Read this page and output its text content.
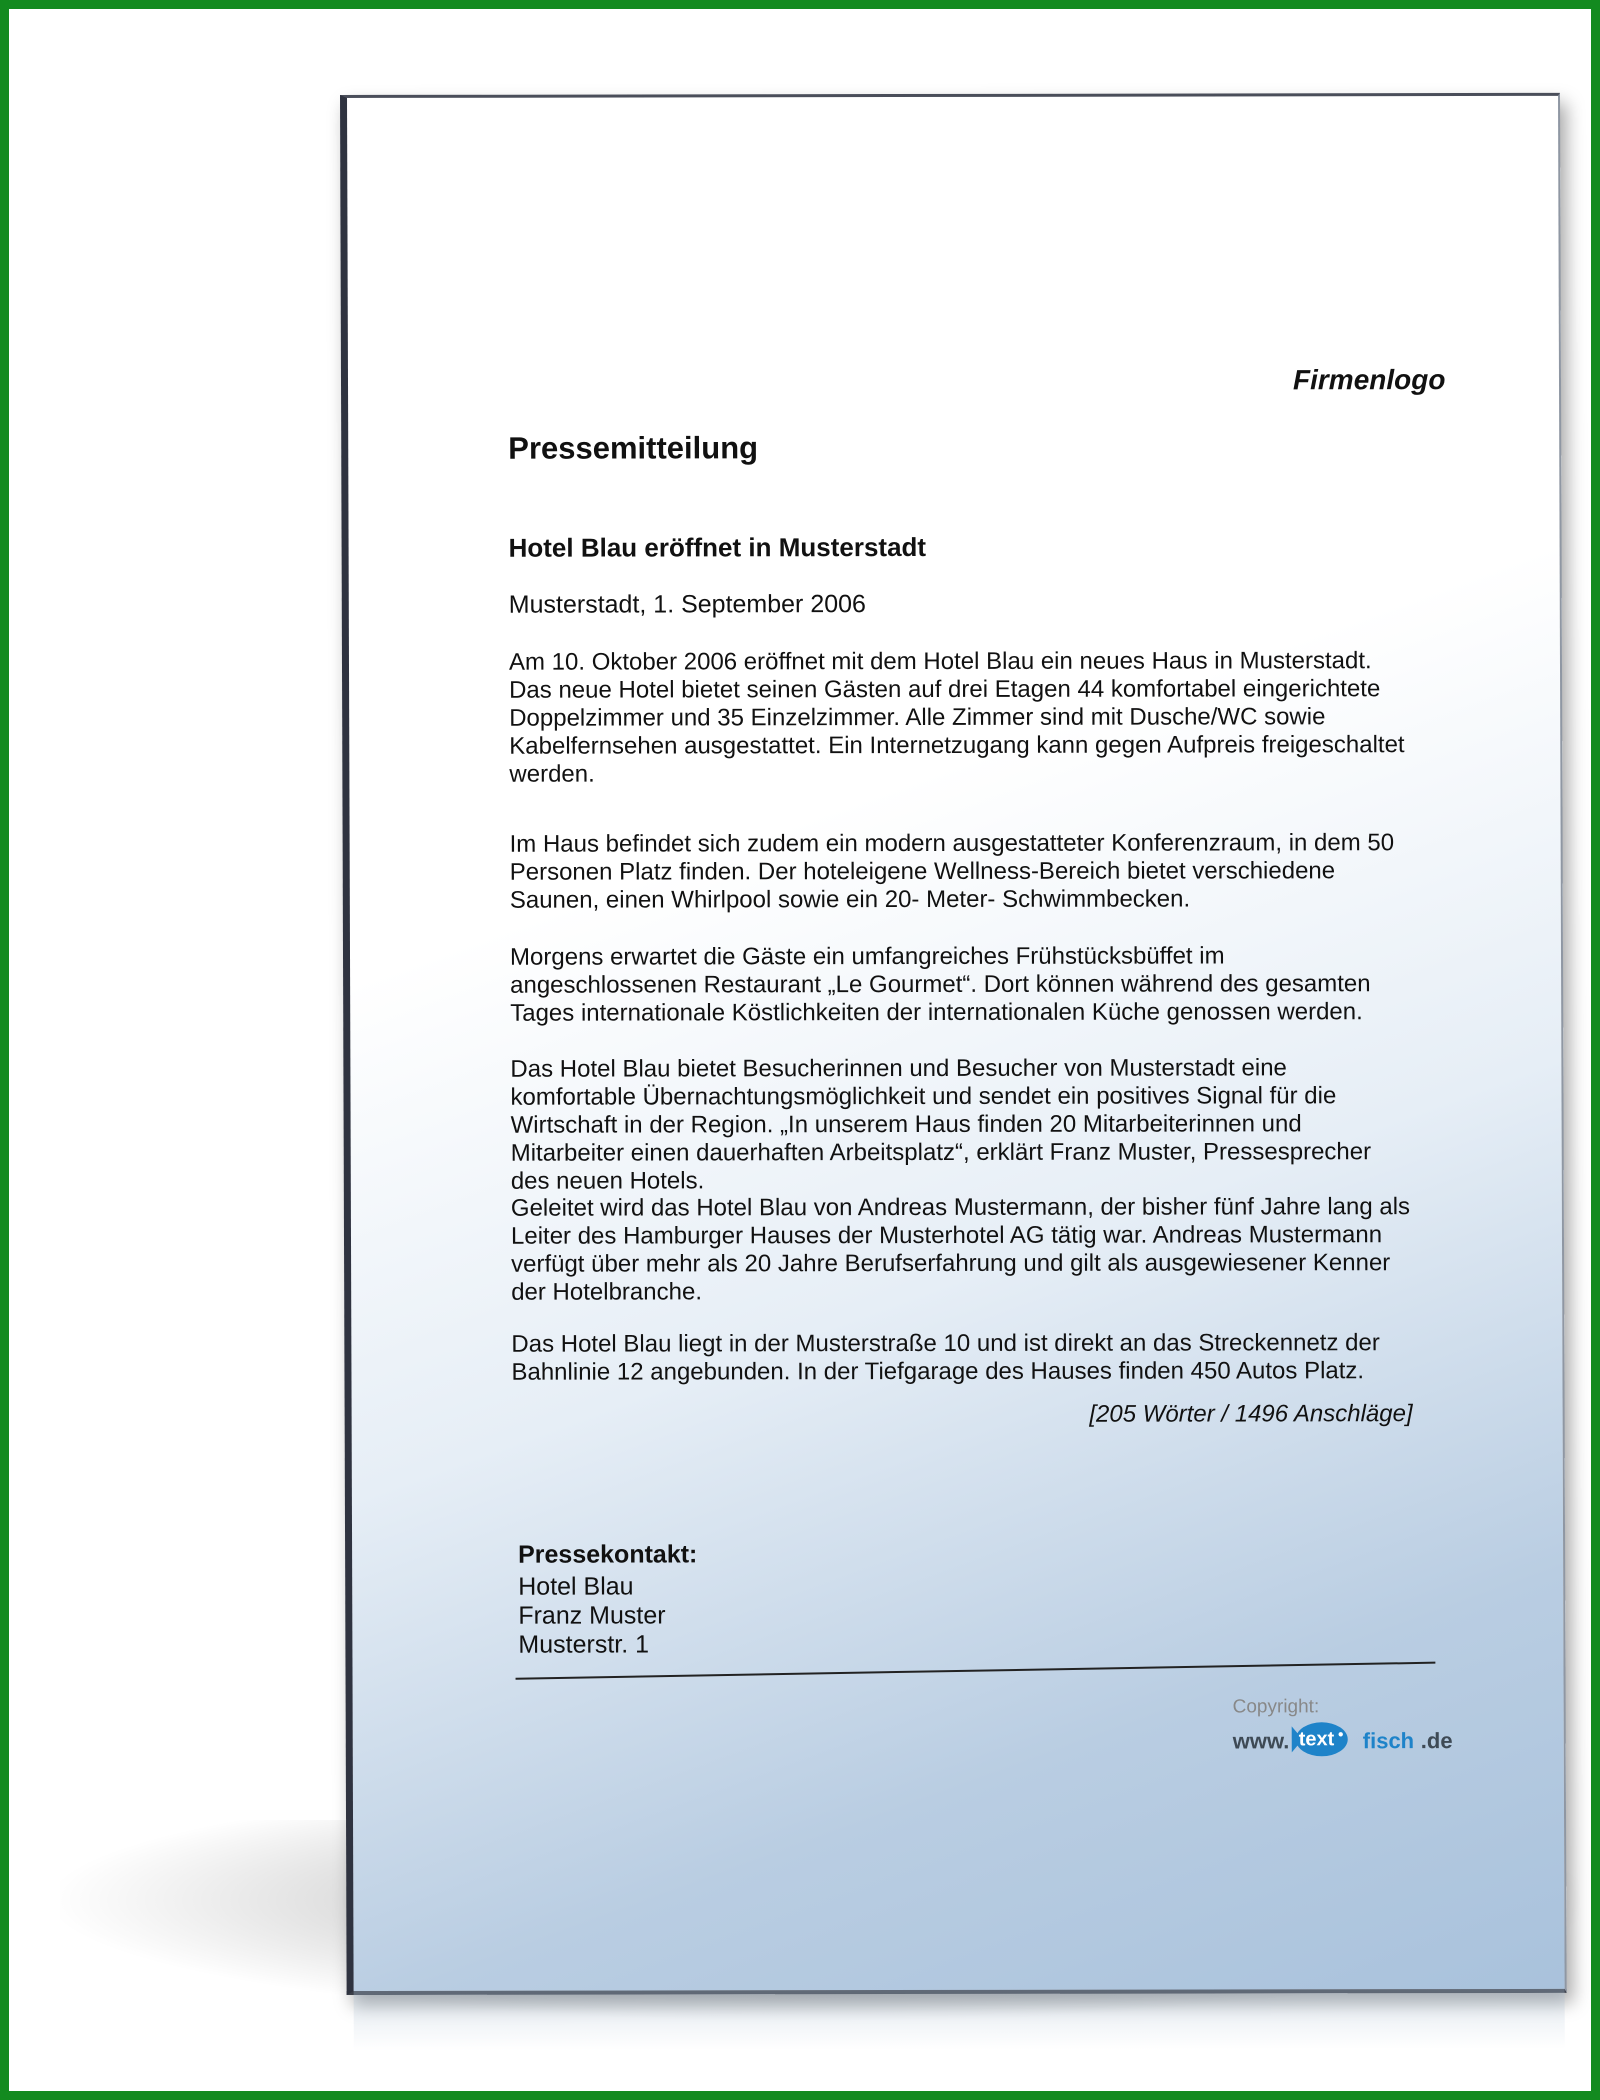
Firmenlogo
Pressemitteilung
Hotel Blau eröffnet in Musterstadt
Musterstadt, 1. September 2006

Am 10. Oktober 2006 eröffnet mit dem Hotel Blau ein neues Haus in Musterstadt. Das neue Hotel bietet seinen Gästen auf drei Etagen 44 komfortabel eingerichtete Doppelzimmer und 35 Einzelzimmer. Alle Zimmer sind mit Dusche/WC sowie Kabelfernsehen ausgestattet. Ein Internetzugang kann gegen Aufpreis freigeschaltet werden.

Im Haus befindet sich zudem ein modern ausgestatteter Konferenzraum, in dem 50 Personen Platz finden. Der hoteleigene Wellness-Bereich bietet verschiedene Saunen, einen Whirlpool sowie ein 20- Meter- Schwimmbecken.

Morgens erwartet die Gäste ein umfangreiches Frühstücksbüffet im angeschlossenen Restaurant „Le Gourmet“. Dort können während des gesamten Tages internationale Köstlichkeiten der internationalen Küche genossen werden.

Das Hotel Blau bietet Besucherinnen und Besucher von Musterstadt eine komfortable Übernachtungsmöglichkeit und sendet ein positives Signal für die Wirtschaft in der Region. „In unserem Haus finden 20 Mitarbeiterinnen und Mitarbeiter einen dauerhaften Arbeitsplatz“, erklärt Franz Muster, Pressesprecher des neuen Hotels.

Geleitet wird das Hotel Blau von Andreas Mustermann, der bisher fünf Jahre lang als Leiter des Hamburger Hauses der Musterhotel AG tätig war. Andreas Mustermann verfügt über mehr als 20 Jahre Berufserfahrung und gilt als ausgewiesener Kenner der Hotelbranche.

Das Hotel Blau liegt in der Musterstraße 10 und ist direkt an das Streckennetz der Bahnlinie 12 angebunden. In der Tiefgarage des Hauses finden 450 Autos Platz.

[205 Wörter / 1496 Anschläge]
Pressekontakt:
Hotel Blau
Franz Muster
Musterstr. 1
Copyright:
www. text fisch .de
